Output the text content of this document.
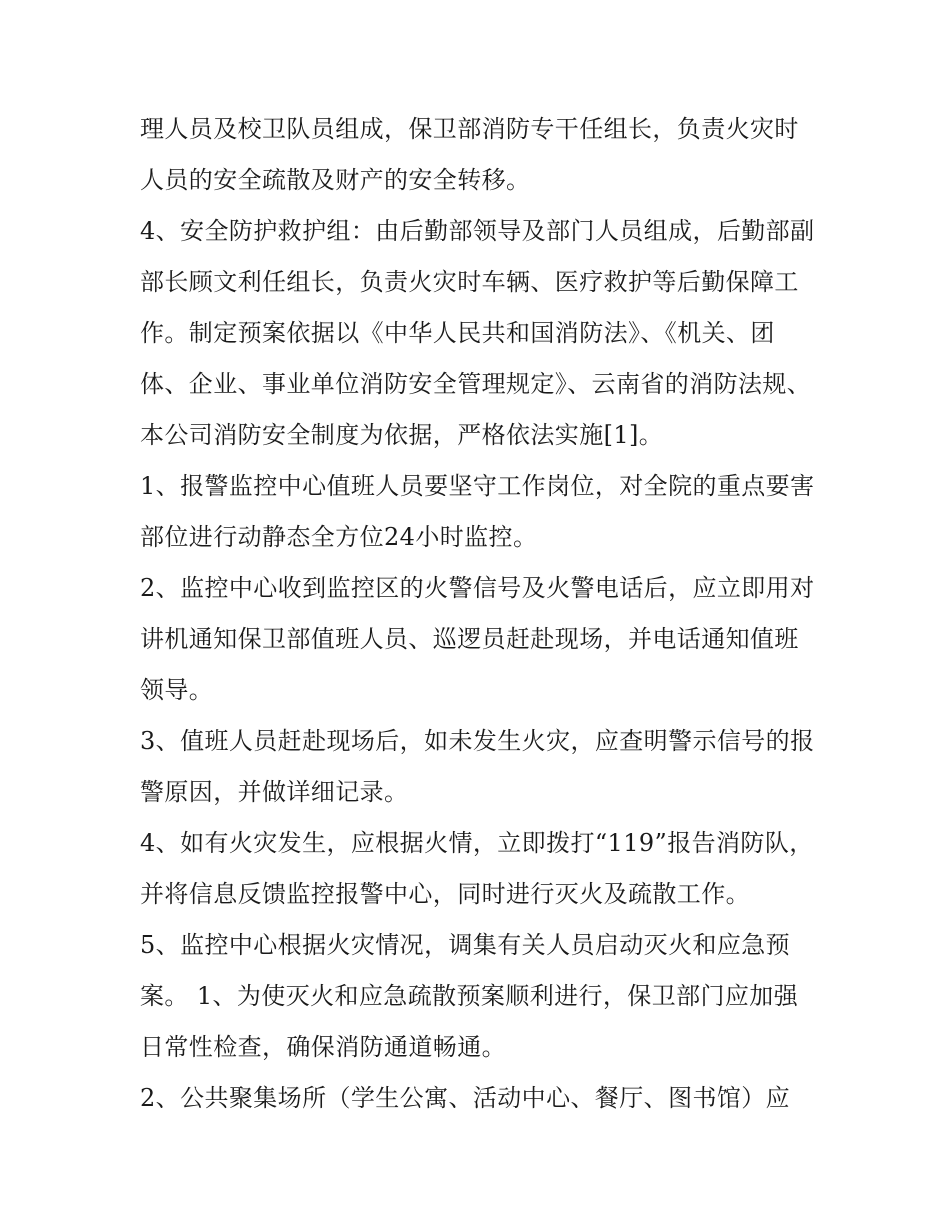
理人员及校卫队员组成，保卫部消防专干任组长，负责火灾时人员的安全疏散及财产的安全转移。

4、安全防护救护组：由后勤部领导及部门人员组成，后勤部副部长顾文利任组长，负责火灾时车辆、医疗救护等后勤保障工作。制定预案依据以《中华人民共和国消防法》、《机关、团体、企业、事业单位消防安全管理规定》、云南省的消防法规、本公司消防安全制度为依据，严格依法实施[1]。

1、报警监控中心值班人员要坚守工作岗位，对全院的重点要害部位进行动静态全方位24小时监控。

2、监控中心收到监控区的火警信号及火警电话后，应立即用对讲机通知保卫部值班人员、巡逻员赶赴现场，并电话通知值班领导。

3、值班人员赶赴现场后，如未发生火灾，应查明警示信号的报警原因，并做详细记录。

4、如有火灾发生，应根据火情，立即拨打“119”报告消防队，并将信息反馈监控报警中心，同时进行灭火及疏散工作。

5、监控中心根据火灾情况，调集有关人员启动灭火和应急预案。 1、为使灭火和应急疏散预案顺利进行，保卫部门应加强日常性检查，确保消防通道畅通。

2、公共聚集场所（学生公寓、活动中心、餐厅、图书馆）应
